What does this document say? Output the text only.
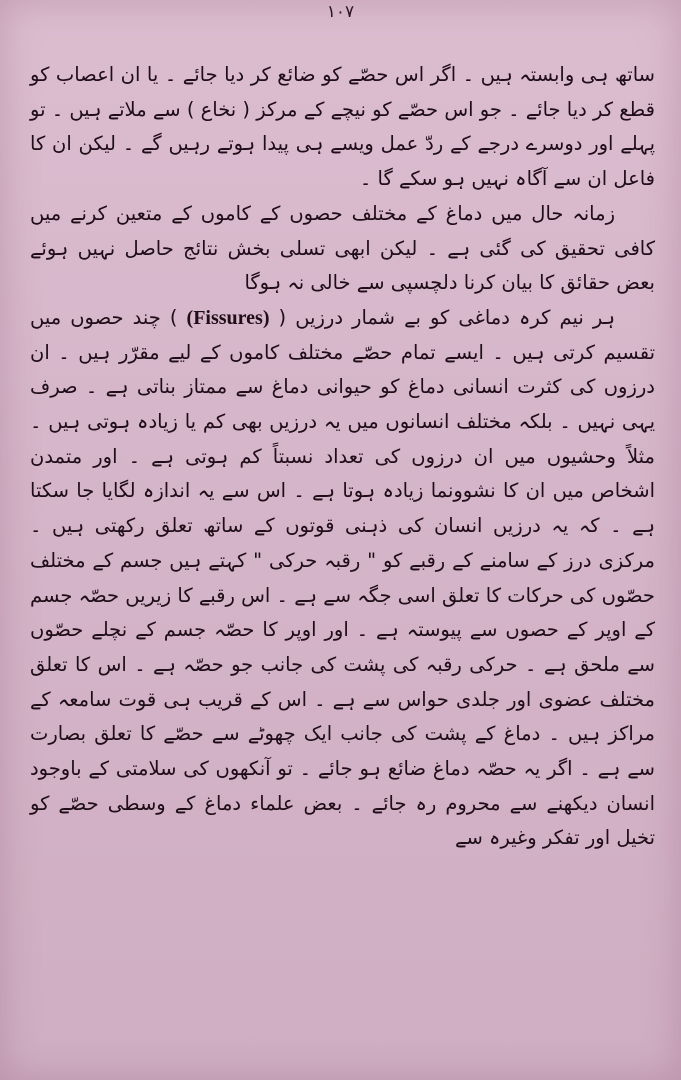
۱۰۷

ساتھ ہی وابستہ ہیں ۔ اگر اس حصّے کو ضائع کر دیا جائے ۔ یا ان اعصاب کو قطع کر دیا جائے ۔ جو اس حصّے کو نیچے کے مرکز ( نخاع ) سے ملاتے ہیں ۔ تو پہلے اور دوسرے درجے کے ردّ عمل ویسے ہی پیدا ہوتے رہیں گے ۔ لیکن ان کا فاعل ان سے آگاہ نہیں ہو سکے گا ۔

زمانہ حال میں دماغ کے مختلف حصوں کے کاموں کے متعین کرنے میں کافی تحقیق کی گئی ہے ۔ لیکن ابھی تسلی بخش نتائج حاصل نہیں ہوئے بعض حقائق کا بیان کرنا دلچسپی سے خالی نہ ہوگا

ہر نیم کرہ دماغی کو بے شمار درزیں ( (Fissures) ) چند حصوں میں تقسیم کرتی ہیں ۔ ایسے تمام حصّے مختلف کاموں کے لیے مقرّر ہیں ۔ ان درزوں کی کثرت انسانی دماغ کو حیوانی دماغ سے ممتاز بناتی ہے ۔ صرف یہی نہیں ۔ بلکہ مختلف انسانوں میں یہ درزیں بھی کم یا زیادہ ہوتی ہیں ۔ مثلاً وحشیوں میں ان درزوں کی تعداد نسبتاً کم ہوتی ہے ۔ اور متمدن اشخاص میں ان کا نشوونما زیادہ ہوتا ہے ۔ اس سے یہ اندازہ لگایا جا سکتا ہے ۔ کہ یہ درزیں انسان کی ذہنی قوتوں کے ساتھ تعلق رکھتی ہیں ۔ مرکزی درز کے سامنے کے رقبے کو " رقبہ حرکی " کہتے ہیں جسم کے مختلف حصّوں کی حرکات کا تعلق اسی جگہ سے ہے ۔ اس رقبے کا زیریں حصّہ جسم کے اوپر کے حصوں سے پیوستہ ہے ۔ اور اوپر کا حصّہ جسم کے نچلے حصّوں سے ملحق ہے ۔ حرکی رقبہ کی پشت کی جانب جو حصّہ ہے ۔ اس کا تعلق مختلف عضوی اور جلدی حواس سے ہے ۔ اس کے قریب ہی قوت سامعہ کے مراکز ہیں ۔ دماغ کے پشت کی جانب ایک چھوٹے سے حصّے کا تعلق بصارت سے ہے ۔ اگر یہ حصّہ دماغ ضائع ہو جائے ۔ تو آنکھوں کی سلامتی کے باوجود انسان دیکھنے سے محروم رہ جائے ۔ بعض علماء دماغ کے وسطی حصّے کو تخیل اور تفکر وغیرہ سے
